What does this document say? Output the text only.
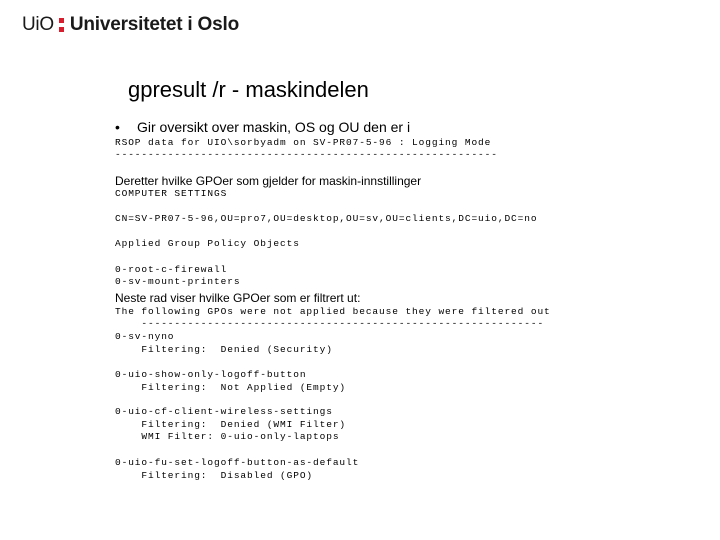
UiO Universitetet i Oslo
gpresult /r - maskindelen
• Gir oversikt over maskin, OS og OU den er i
RSOP data for UIO\sorbyadm on SV-PR07-5-96 : Logging Mode
----------------------------------------------------------
Deretter hvilke GPOer som gjelder for maskin-innstillinger
COMPUTER SETTINGS
CN=SV-PR07-5-96,OU=pro7,OU=desktop,OU=sv,OU=clients,DC=uio,DC=no
Applied Group Policy Objects
0-root-c-firewall
0-sv-mount-printers
Neste rad viser hvilke GPOer som er filtrert ut:
The following GPOs were not applied because they were filtered out
-------------------------------------------------------------
0-sv-nyno
Filtering:  Denied (Security)
0-uio-show-only-logoff-button
Filtering:  Not Applied (Empty)
0-uio-cf-client-wireless-settings
Filtering:  Denied (WMI Filter)
WMI Filter: 0-uio-only-laptops
0-uio-fu-set-logoff-button-as-default
Filtering:  Disabled (GPO)
